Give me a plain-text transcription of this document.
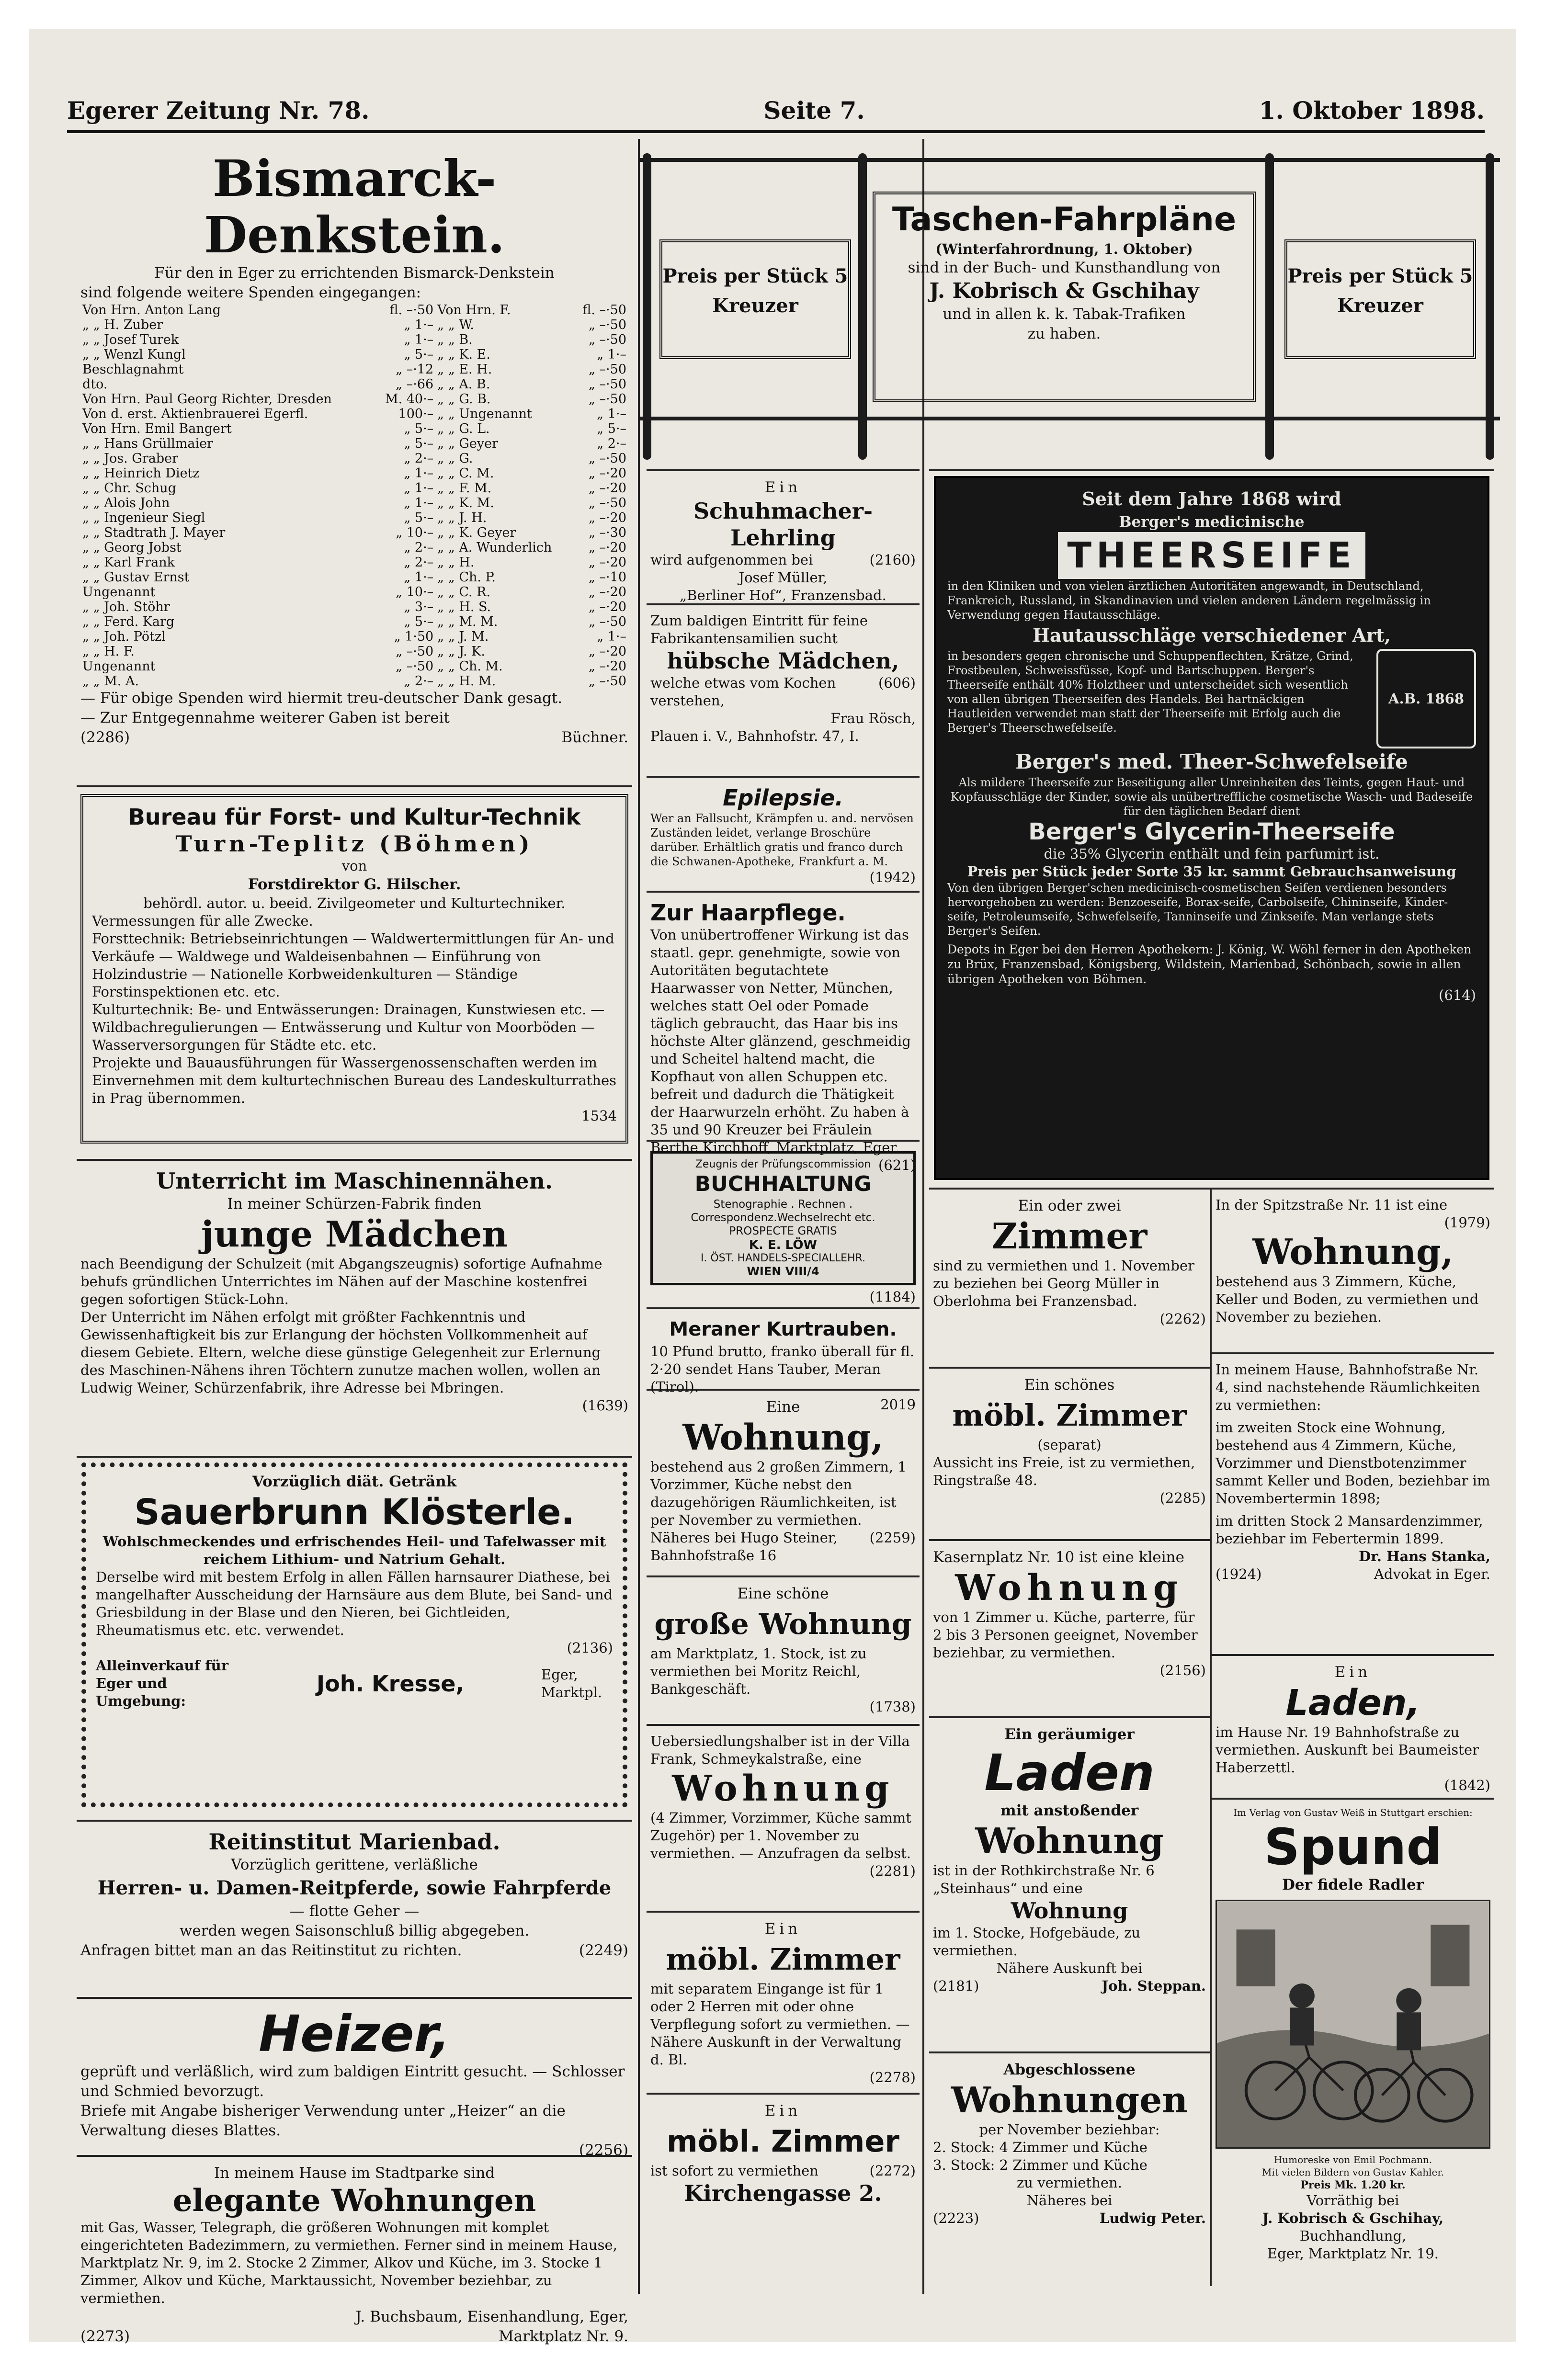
Egerer Zeitung Nr. 78.	Seite 7.	1. Oktober 1898.
Bismarck-Denkstein.
Für den in Eger zu errichtenden Bismarck-Denkstein
sind folgende weitere Spenden eingegangen:
Von Hrn. Anton Lang	fl. –·50	Von Hrn. F.	fl. –·50
„ „ H. Zuber	„ 1·–	„ „ W.	„ –·50
„ „ Josef Turek	„ 1·–	„ „ B.	„ –·50
„ „ Wenzl Kungl	„ 5·–	„ „ K. E.	„ 1·–
Beschlagnahmt	„ –·12	„ „ E. H.	„ –·50
dto.	„ –·66	„ „ A. B.	„ –·50
Von Hrn. Paul Georg Richter, Dresden	M. 40·–	„ „ G. B.	„ –·50
Von d. erst. Aktienbrauerei Egerfl.	100·–	„ „ Ungenannt	„ 1·–
Von Hrn. Emil Bangert	„ 5·–	„ „ G. L.	„ 5·–
„ „ Hans Grüllmaier	„ 5·–	„ „ Geyer	„ 2·–
„ „ Jos. Graber	„ 2·–	„ „ G.	„ –·50
„ „ Heinrich Dietz	„ 1·–	„ „ C. M.	„ –·20
„ „ Chr. Schug	„ 1·–	„ „ F. M.	„ –·20
„ „ Alois John	„ 1·–	„ „ K. M.	„ –·50
„ „ Ingenieur Siegl	„ 5·–	„ „ J. H.	„ –·20
„ „ Stadtrath J. Mayer	„ 10·–	„ „ K. Geyer	„ –·30
„ „ Georg Jobst	„ 2·–	„ „ A. Wunderlich	„ –·20
„ „ Karl Frank	„ 2·–	„ „ H.	„ –·20
„ „ Gustav Ernst	„ 1·–	„ „ Ch. P.	„ –·10
Ungenannt	„ 10·–	„ „ C. R.	„ –·20
„ „ Joh. Stöhr	„ 3·–	„ „ H. S.	„ –·20
„ „ Ferd. Karg	„ 5·–	„ „ M. M.	„ –·50
„ „ Joh. Pötzl	„ 1·50	„ „ J. M.	„ 1·–
„ „ H. F.	„ –·50	„ „ J. K.	„ –·20
Ungenannt	„ –·50	„ „ Ch. M.	„ –·20
„ „ M. A.	„ 2·–	„ „ H. M.	„ –·50
— Für obige Spenden wird hiermit treu-deutscher Dank gesagt.
— Zur Entgegennahme weiterer Gaben ist bereit
(2286)	Büchner.
Bureau für Forst- und Kultur-Technik
Turn-Teplitz (Böhmen)
von
Forstdirektor G. Hilscher.
behördl. autor. u. beeid. Zivilgeometer und Kulturtechniker.
Vermessungen für alle Zwecke.
Forsttechnik: Betriebseinrichtungen — Waldwertermittlungen für An- und Verkäufe — Waldwege und Waldeisenbahnen — Einführung von Holzindustrie — Nationelle Korbweidenkulturen — Ständige Forstinspektionen etc. etc.
Kulturtechnik: Be- und Entwässerungen: Drainagen, Kunstwiesen etc. — Wildbachregulierungen — Entwässerung und Kultur von Moorböden — Wasserversorgungen für Städte etc. etc.
Projekte und Bauausführungen für Wassergenossenschaften werden im Einvernehmen mit dem kulturtechnischen Bureau des Landeskulturrathes in Prag übernommen.
1534
Unterricht im Maschinennähen.
In meiner Schürzen-Fabrik finden
junge Mädchen
nach Beendigung der Schulzeit (mit Abgangszeugnis) sofortige Aufnahme behufs gründlichen Unterrichtes im Nähen auf der Maschine kostenfrei gegen sofortigen Stück-Lohn.
Der Unterricht im Nähen erfolgt mit größter Fachkenntnis und Gewissenhaftigkeit bis zur Erlangung der höchsten Vollkommenheit auf diesem Gebiete. Eltern, welche diese günstige Gelegenheit zur Erlernung des Maschinen-Nähens ihren Töchtern zunutze machen wollen, wollen an Ludwig Weiner, Schürzenfabrik, ihre Adresse bei Mbringen.
(1639)
Vorzüglich diät. Getränk
Sauerbrunn Klösterle.
Wohlschmeckendes und erfrischendes Heil- und Tafelwasser mit reichem Lithium- und Natrium Gehalt.
Derselbe wird mit bestem Erfolg in allen Fällen harnsaurer Diathese, bei mangelhafter Ausscheidung der Harnsäure aus dem Blute, bei Sand- und Griesbildung in der Blase und den Nieren, bei Gichtleiden, Rheumatismus etc. etc. verwendet.
(2136)
Alleinverkauf für Eger und Umgebung:
Joh. Kresse,	Eger, Marktpl.
Reitinstitut Marienbad.
Vorzüglich gerittene, verläßliche
Herren- u. Damen-Reitpferde, sowie Fahrpferde
— flotte Geher —
werden wegen Saisonschluß billig abgegeben.
Anfragen bittet man an das Reitinstitut zu richten.	(2249)
Heizer,
geprüft und verläßlich, wird zum baldigen Eintritt gesucht. — Schlosser und Schmied bevorzugt.
Briefe mit Angabe bisheriger Verwendung unter „Heizer“ an die Verwaltung dieses Blattes.
(2256)
In meinem Hause im Stadtparke sind
elegante Wohnungen
mit Gas, Wasser, Telegraph, die größeren Wohnungen mit komplet eingerichteten Badezimmern, zu vermiethen. Ferner sind in meinem Hause, Marktplatz Nr. 9, im 2. Stocke 2 Zimmer, Alkov und Küche, im 3. Stocke 1 Zimmer, Alkov und Küche, Marktaussicht, November beziehbar, zu vermiethen.
J. Buchsbaum, Eisenhandlung, Eger,
(2273)	Marktplatz Nr. 9.
Ein
Schuhmacher-Lehrling
wird aufgenommen bei	(2160)
Josef Müller,
„Berliner Hof“, Franzensbad.
Zum baldigen Eintritt für feine Fabrikantensamilien sucht
hübsche Mädchen,
welche etwas vom Kochen verstehen,
(606)
Frau Rösch,
Plauen i. V., Bahnhofstr. 47, I.
Epilepsie.
Wer an Fallsucht, Krämpfen u. and. nervösen Zuständen leidet, verlange Broschüre darüber. Erhältlich gratis und franco durch die Schwanen-Apotheke, Frankfurt a. M.
(1942)
Zur Haarpflege.
Von unübertroffener Wirkung ist das staatl. gepr. genehmigte, sowie von Autoritäten begutachtete Haarwasser von Netter, München, welches statt Oel oder Pomade täglich gebraucht, das Haar bis ins höchste Alter glänzend, geschmeidig und Scheitel haltend macht, die Kopfhaut von allen Schuppen etc. befreit und dadurch die Thätigkeit der Haarwurzeln erhöht. Zu haben à 35 und 90 Kreuzer bei Fräulein Berthe Kirchhoff, Marktplatz, Eger.
(621)
Zeugnis der Prüfungscommission
BUCHHALTUNG
Stenographie . Rechnen .
Correspondenz.Wechselrecht etc.
PROSPECTE GRATIS
K. E. LÖW
I. ÖST. HANDELS-SPECIALLEHR.
WIEN VIII/4
(1184)
Meraner Kurtrauben.
10 Pfund brutto, franko überall für fl. 2·20 sendet Hans Tauber, Meran (Tirol).
2019
Eine
Wohnung,
bestehend aus 2 großen Zimmern, 1 Vorzimmer, Küche nebst den dazugehörigen Räumlichkeiten, ist per November zu vermiethen.
Näheres bei Hugo Steiner, Bahnhofstraße 16
(2259)
Eine schöne
große Wohnung
am Marktplatz, 1. Stock, ist zu vermiethen bei Moritz Reichl, Bankgeschäft.
(1738)
Uebersiedlungshalber ist in der Villa Frank, Schmeykalstraße, eine
Wohnung
(4 Zimmer, Vorzimmer, Küche sammt Zugehör) per 1. November zu vermiethen. — Anzufragen da selbst.
(2281)
Ein
möbl. Zimmer
mit separatem Eingange ist für 1 oder 2 Herren mit oder ohne Verpflegung sofort zu vermiethen. — Nähere Auskunft in der Verwaltung d. Bl.
(2278)
Ein
möbl. Zimmer
ist sofort zu vermiethen	(2272)
Kirchengasse 2.
Seit dem Jahre 1868 wird
Berger's medicinische
THEERSEIFE
in den Kliniken und von vielen ärztlichen Autoritäten angewandt, in Deutschland, Frankreich, Russland, in Skandinavien und vielen anderen Ländern regelmässig in Verwendung gegen Hautausschläge.
Hautausschläge verschiedener Art,
in besonders gegen chronische und Schuppenflechten, Krätze, Grind, Frostbeulen, Schweissfüsse, Kopf- und Bartschuppen. Berger's Theerseife enthält 40% Holztheer und unterscheidet sich wesentlich von allen übrigen Theerseifen des Handels. Bei hartnäckigen Hautleiden verwendet man statt der Theerseife mit Erfolg auch die Berger's Theerschwefelseife.
A.B. 1868
Berger's med. Theer-Schwefelseife
Als mildere Theerseife zur Beseitigung aller Unreinheiten des Teints, gegen Haut- und Kopfausschläge der Kinder, sowie als unübertreffliche cosmetische Wasch- und Badeseife für den täglichen Bedarf dient
Berger's Glycerin-Theerseife
die 35% Glycerin enthält und fein parfumirt ist.
Preis per Stück jeder Sorte 35 kr. sammt Gebrauchsanweisung
Von den übrigen Berger'schen medicinisch-cosmetischen Seifen verdienen besonders hervorgehoben zu werden: Benzoeseife, Borax-seife, Carbolseife, Chininseife, Kinder-seife, Petroleumseife, Schwefelseife, Tanninseife und Zinkseife. Man verlange stets Berger's Seifen.
Depots in Eger bei den Herren Apothekern: J. König, W. Wöhl ferner in den Apotheken zu Brüx, Franzensbad, Königsberg, Wildstein, Marienbad, Schönbach, sowie in allen übrigen Apotheken von Böhmen.
(614)
Ein oder zwei
Zimmer
sind zu vermiethen und 1. November zu beziehen bei Georg Müller in Oberlohma bei Franzensbad.
(2262)
Ein schönes
möbl. Zimmer
(separat)
Aussicht ins Freie, ist zu vermiethen, Ringstraße 48.
(2285)
Kasernplatz Nr. 10 ist eine kleine
Wohnung
von 1 Zimmer u. Küche, parterre, für 2 bis 3 Personen geeignet, November beziehbar, zu vermiethen.
(2156)
Ein geräumiger
Laden
mit anstoßender
Wohnung
ist in der Rothkirchstraße Nr. 6 „Steinhaus“ und eine
Wohnung
im 1. Stocke, Hofgebäude, zu vermiethen.
Nähere Auskunft bei
(2181)	Joh. Steppan.
Abgeschlossene
Wohnungen
per November beziehbar:
2. Stock: 4 Zimmer und Küche
3. Stock: 2 Zimmer und Küche
zu vermiethen.
Näheres bei
(2223)	Ludwig Peter.
In der Spitzstraße Nr. 11 ist eine
(1979)
Wohnung,
bestehend aus 3 Zimmern, Küche, Keller und Boden, zu vermiethen und November zu beziehen.
In meinem Hause, Bahnhofstraße Nr. 4, sind nachstehende Räumlichkeiten zu vermiethen:
im zweiten Stock eine Wohnung, bestehend aus 4 Zimmern, Küche, Vorzimmer und Dienstbotenzimmer sammt Keller und Boden, beziehbar im Novembertermin 1898;
im dritten Stock 2 Mansardenzimmer, beziehbar im Febertermin 1899.
Dr. Hans Stanka,
(1924)	Advokat in Eger.
Ein
Laden,
im Hause Nr. 19 Bahnhofstraße zu vermiethen. Auskunft bei Baumeister Haberzettl.
(1842)
Im Verlag von Gustav Weiß in Stuttgart erschien:
Spund
Der fidele Radler
Humoreske von Emil Pochmann.
Mit vielen Bildern von Gustav Kahler.
Preis Mk. 1.20 kr.
Vorräthig bei
J. Kobrisch & Gschihay,
Buchhandlung,
Eger, Marktplatz Nr. 19.
Preis per Stück 5 Kreuzer
Preis per Stück 5 Kreuzer
Taschen-Fahrpläne
(Winterfahrordnung, 1. Oktober)
sind in der Buch- und Kunsthandlung von
J. Kobrisch & Gschihay
und in allen k. k. Tabak-Trafiken
zu haben.
